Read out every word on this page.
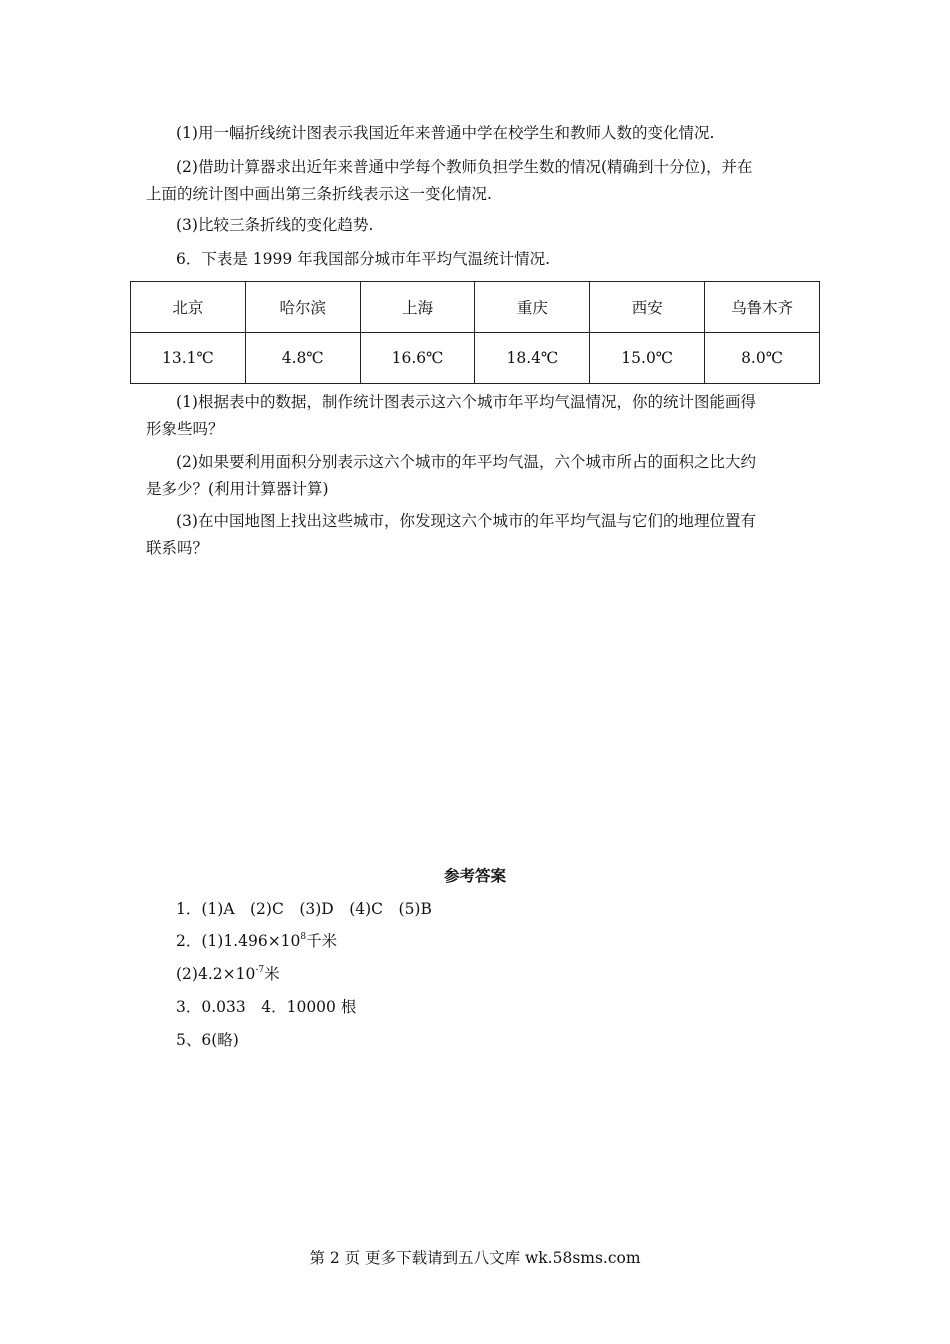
(1)用一幅折线统计图表示我国近年来普通中学在校学生和教师人数的变化情况.
(2)借助计算器求出近年来普通中学每个教师负担学生数的情况(精确到十分位)，并在
上面的统计图中画出第三条折线表示这一变化情况.
(3)比较三条折线的变化趋势.
6．下表是 1999 年我国部分城市年平均气温统计情况.
北京	哈尔滨	上海	重庆	西安	乌鲁木齐
13.1℃	4.8℃	16.6℃	18.4℃	15.0℃	8.0℃
(1)根据表中的数据，制作统计图表示这六个城市年平均气温情况，你的统计图能画得
形象些吗？
(2)如果要利用面积分别表示这六个城市的年平均气温，六个城市所占的面积之比大约
是多少？(利用计算器计算)
(3)在中国地图上找出这些城市，你发现这六个城市的年平均气温与它们的地理位置有
联系吗？
参考答案
1．(1)A　(2)C　(3)D　(4)C　(5)B
2．$(1)1.496\times 10^8$千米
$(2)4.2\times 10^{-7}$米
3．0.033　4．10000 根
5、6(略)
第 2 页 更多下载请到五八文库 wk.58sms.com
